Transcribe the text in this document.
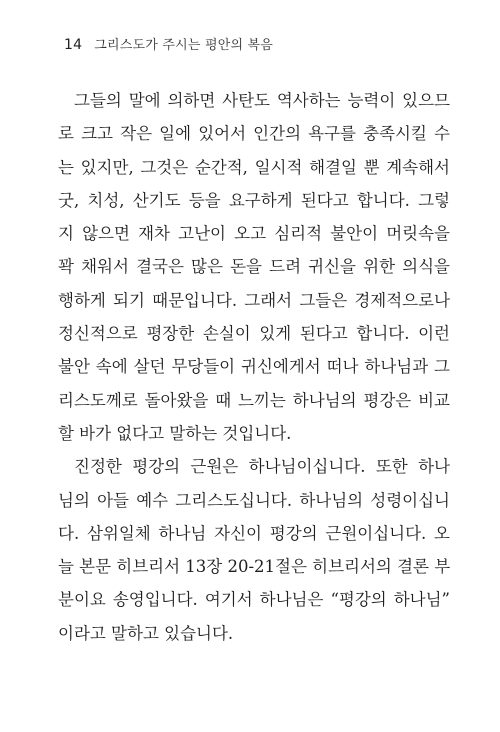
14 그리스도가 주시는 평안의 복음
그들의 말에 의하면 사탄도 역사하는 능력이 있으므
로 크고 작은 일에 있어서 인간의 욕구를 충족시킬 수
는 있지만, 그것은 순간적, 일시적 해결일 뿐 계속해서
굿, 치성, 산기도 등을 요구하게 된다고 합니다. 그렇
지 않으면 재차 고난이 오고 심리적 불안이 머릿속을
꽉 채워서 결국은 많은 돈을 드려 귀신을 위한 의식을
행하게 되기 때문입니다. 그래서 그들은 경제적으로나
정신적으로 평장한 손실이 있게 된다고 합니다. 이런
불안 속에 살던 무당들이 귀신에게서 떠나 하나님과 그
리스도께로 돌아왔을 때 느끼는 하나님의 평강은 비교
할 바가 없다고 말하는 것입니다.
진정한 평강의 근원은 하나님이십니다. 또한 하나
님의 아들 예수 그리스도십니다. 하나님의 성령이십니
다. 삼위일체 하나님 자신이 평강의 근원이십니다. 오
늘 본문 히브리서 13장 20-21절은 히브리서의 결론 부
분이요 송영입니다. 여기서 하나님은 “평강의 하나님”
이라고 말하고 있습니다.
